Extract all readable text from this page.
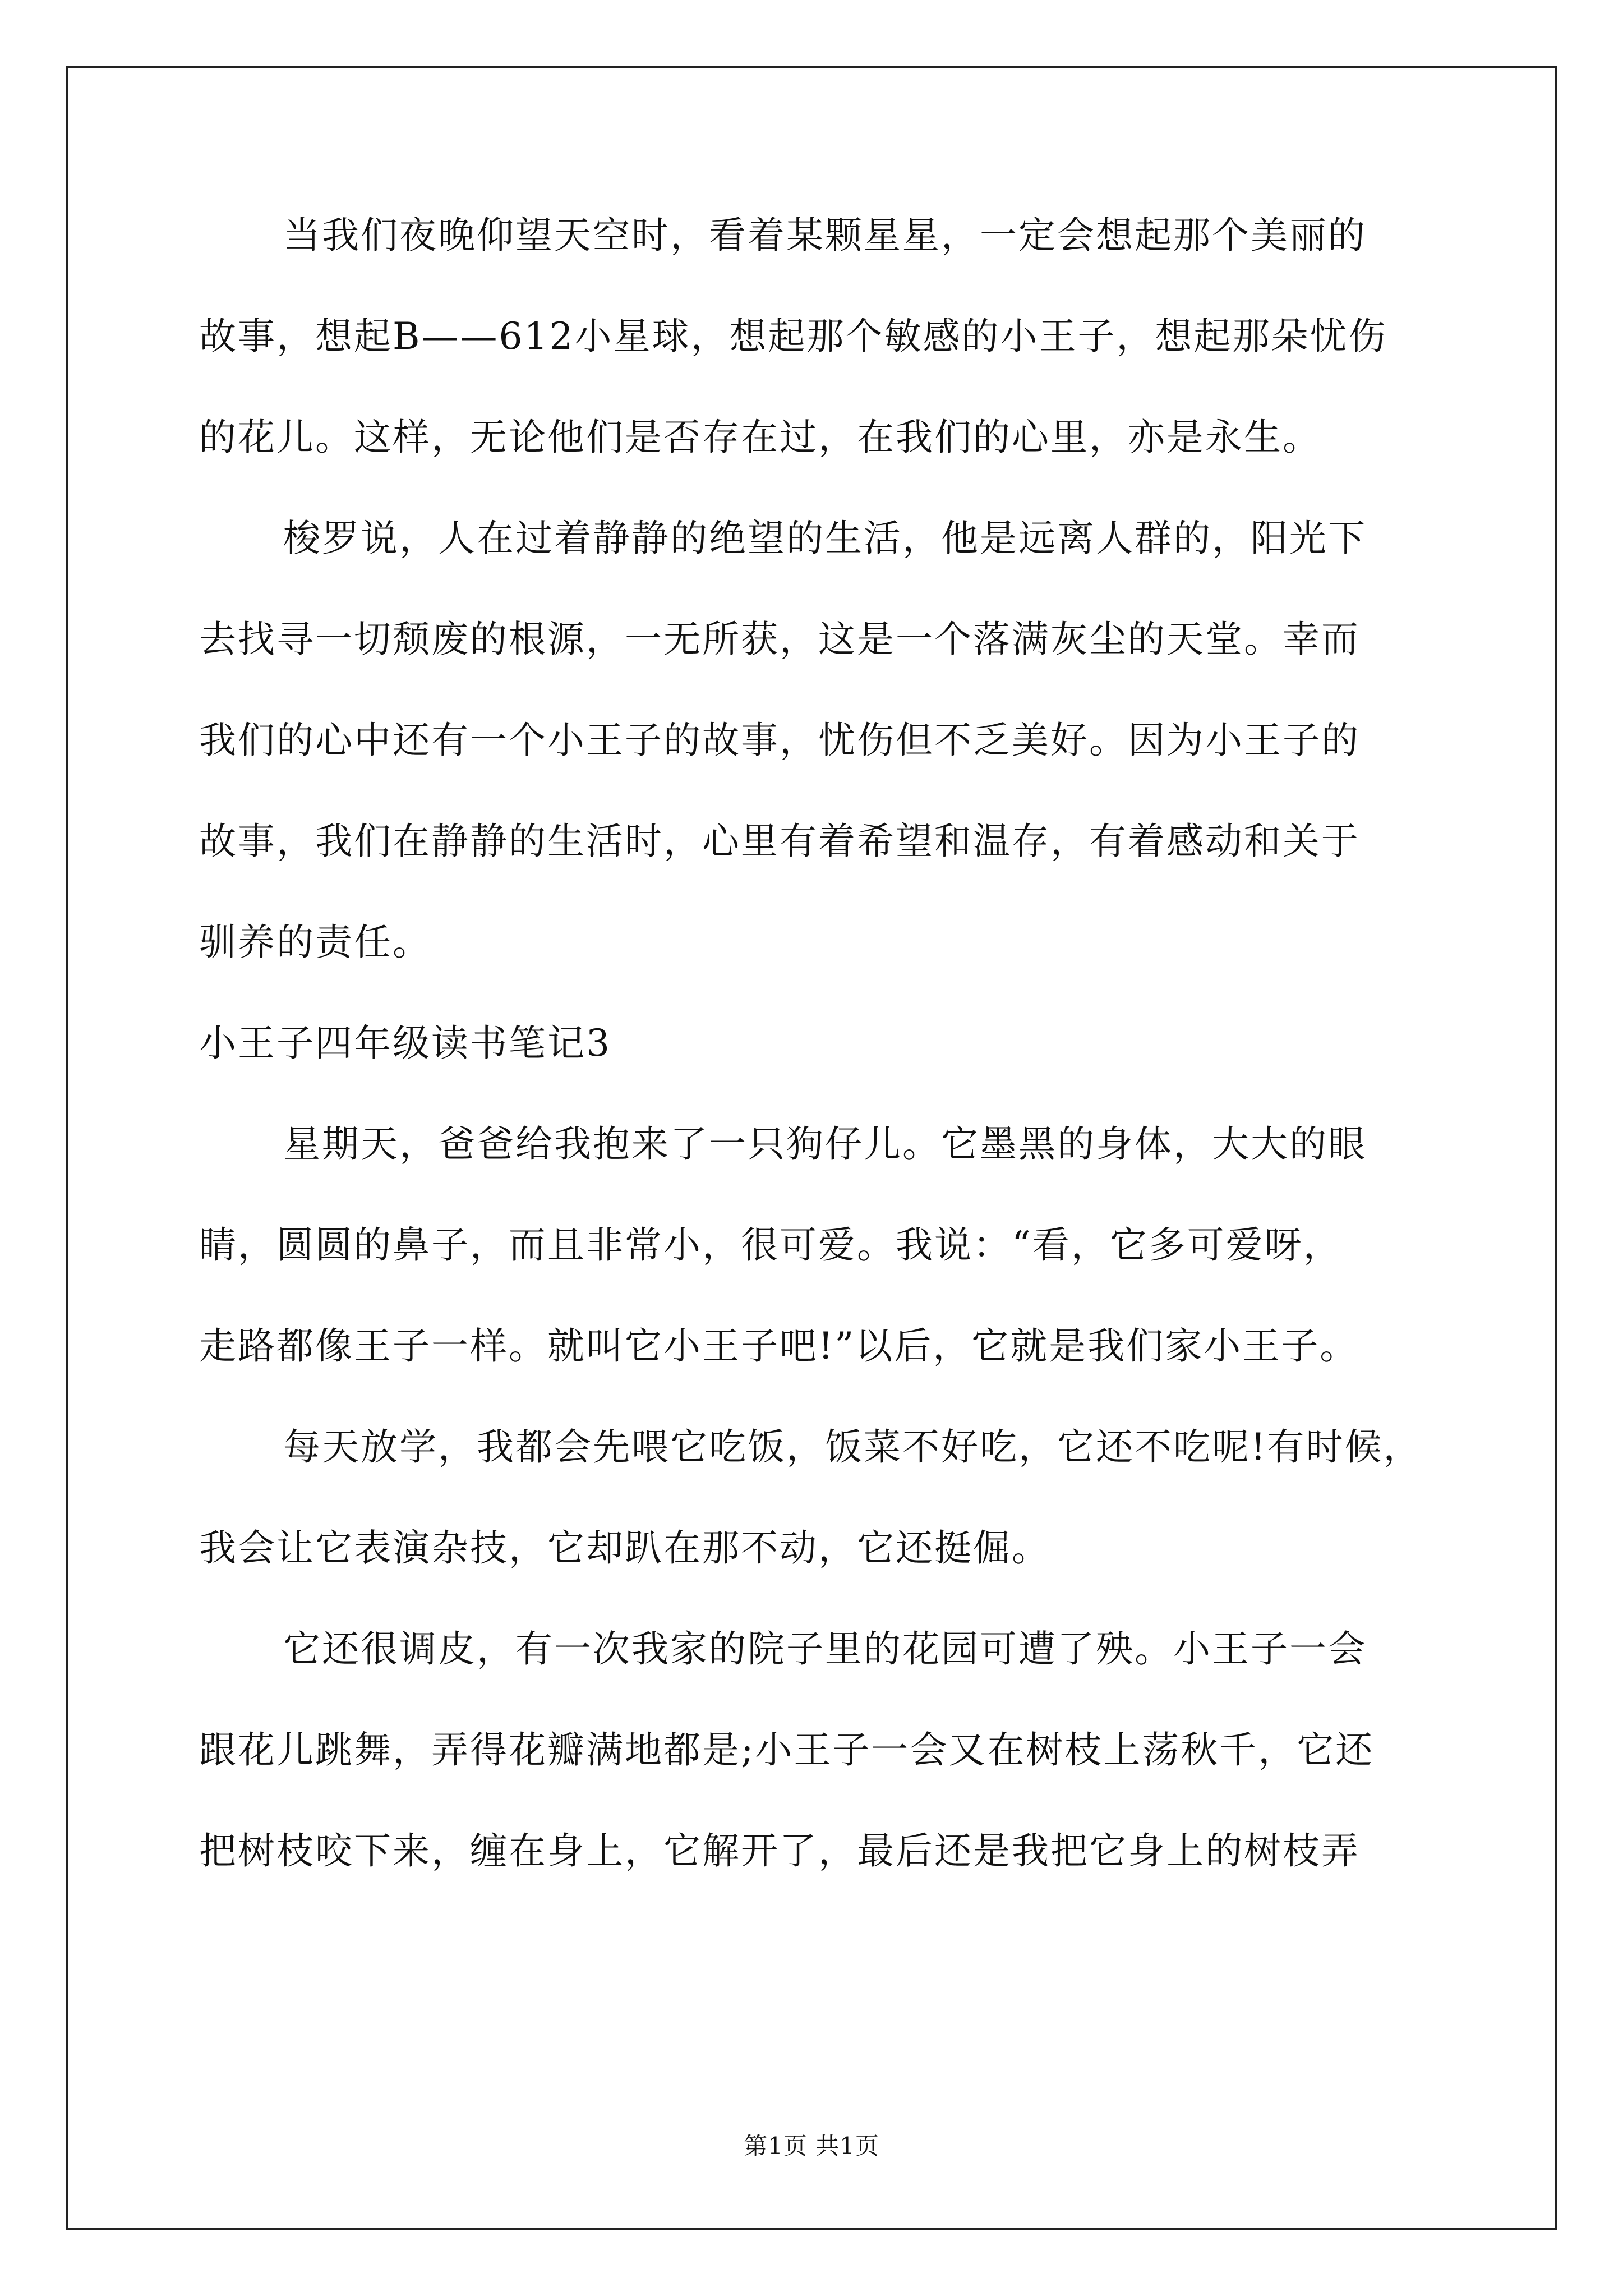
当我们夜晚仰望天空时，看着某颗星星，一定会想起那个美丽的
故事，想起B——612小星球，想起那个敏感的小王子，想起那朵忧伤
的花儿。这样，无论他们是否存在过，在我们的心里，亦是永生。
梭罗说，人在过着静静的绝望的生活，他是远离人群的，阳光下
去找寻一切颓废的根源，一无所获，这是一个落满灰尘的天堂。幸而
我们的心中还有一个小王子的故事，忧伤但不乏美好。因为小王子的
故事，我们在静静的生活时，心里有着希望和温存，有着感动和关于
驯养的责任。
小王子四年级读书笔记3
星期天，爸爸给我抱来了一只狗仔儿。它墨黑的身体，大大的眼
睛，圆圆的鼻子，而且非常小，很可爱。我说：“看，它多可爱呀，
走路都像王子一样。就叫它小王子吧!”以后，它就是我们家小王子。
每天放学，我都会先喂它吃饭，饭菜不好吃，它还不吃呢!有时候，
我会让它表演杂技，它却趴在那不动，它还挺倔。
它还很调皮，有一次我家的院子里的花园可遭了殃。小王子一会
跟花儿跳舞，弄得花瓣满地都是;小王子一会又在树枝上荡秋千，它还
把树枝咬下来，缠在身上，它解开了，最后还是我把它身上的树枝弄
第1页 共1页
